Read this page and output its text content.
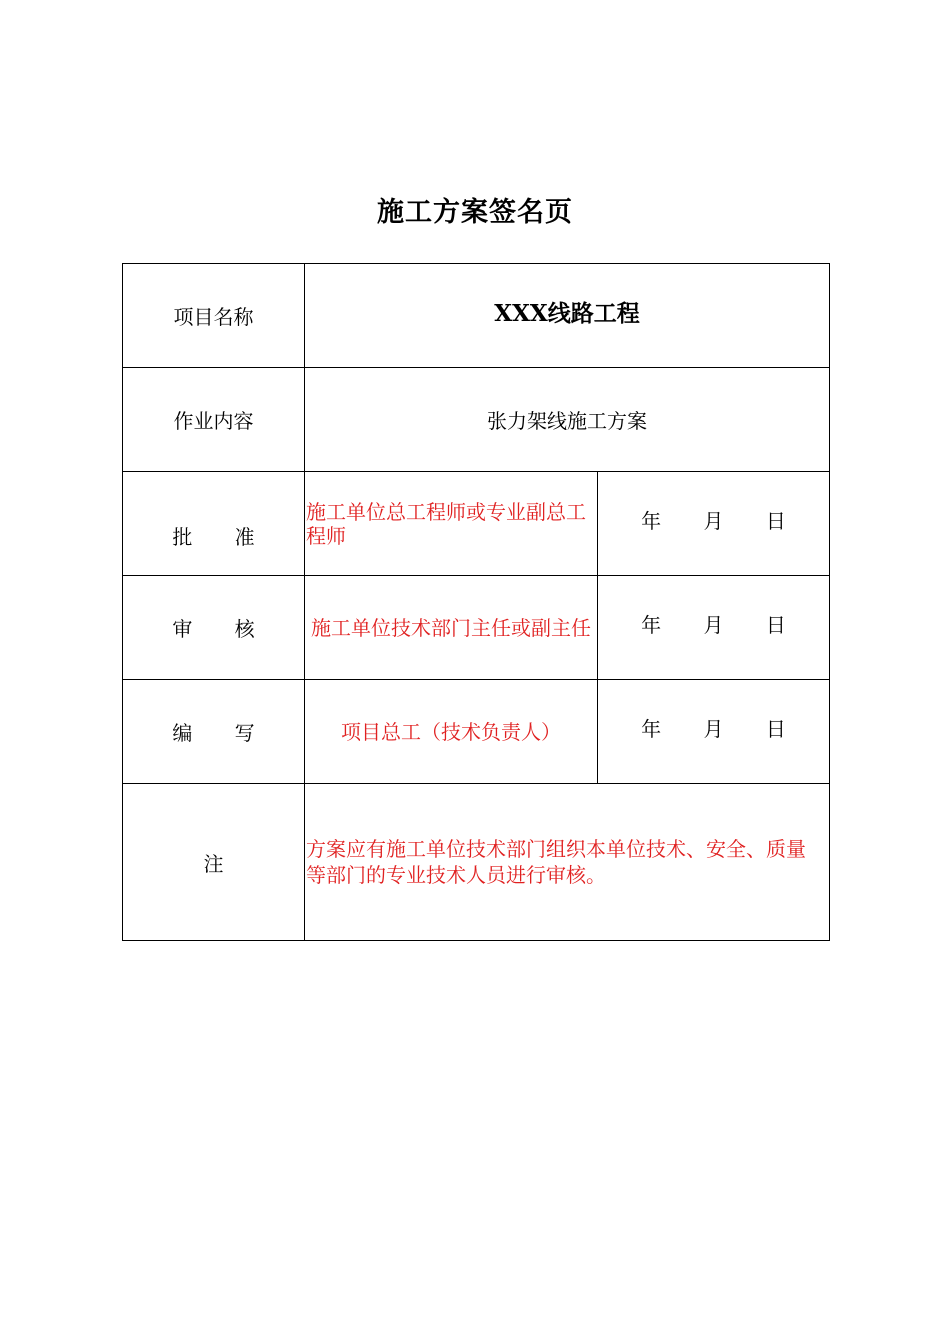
施工方案签名页
项目名称	XXX线路工程	
作业内容	张力架线施工方案	
批 准	施工单位总工程师或专业副总工程师	年 月 日
审 核	施工单位技术部门主任或副主任	年 月 日
编 写	项目总工（技术负责人）	年 月 日
注	方案应有施工单位技术部门组织本单位技术、安全、质量等部门的专业技术人员进行审核。	
